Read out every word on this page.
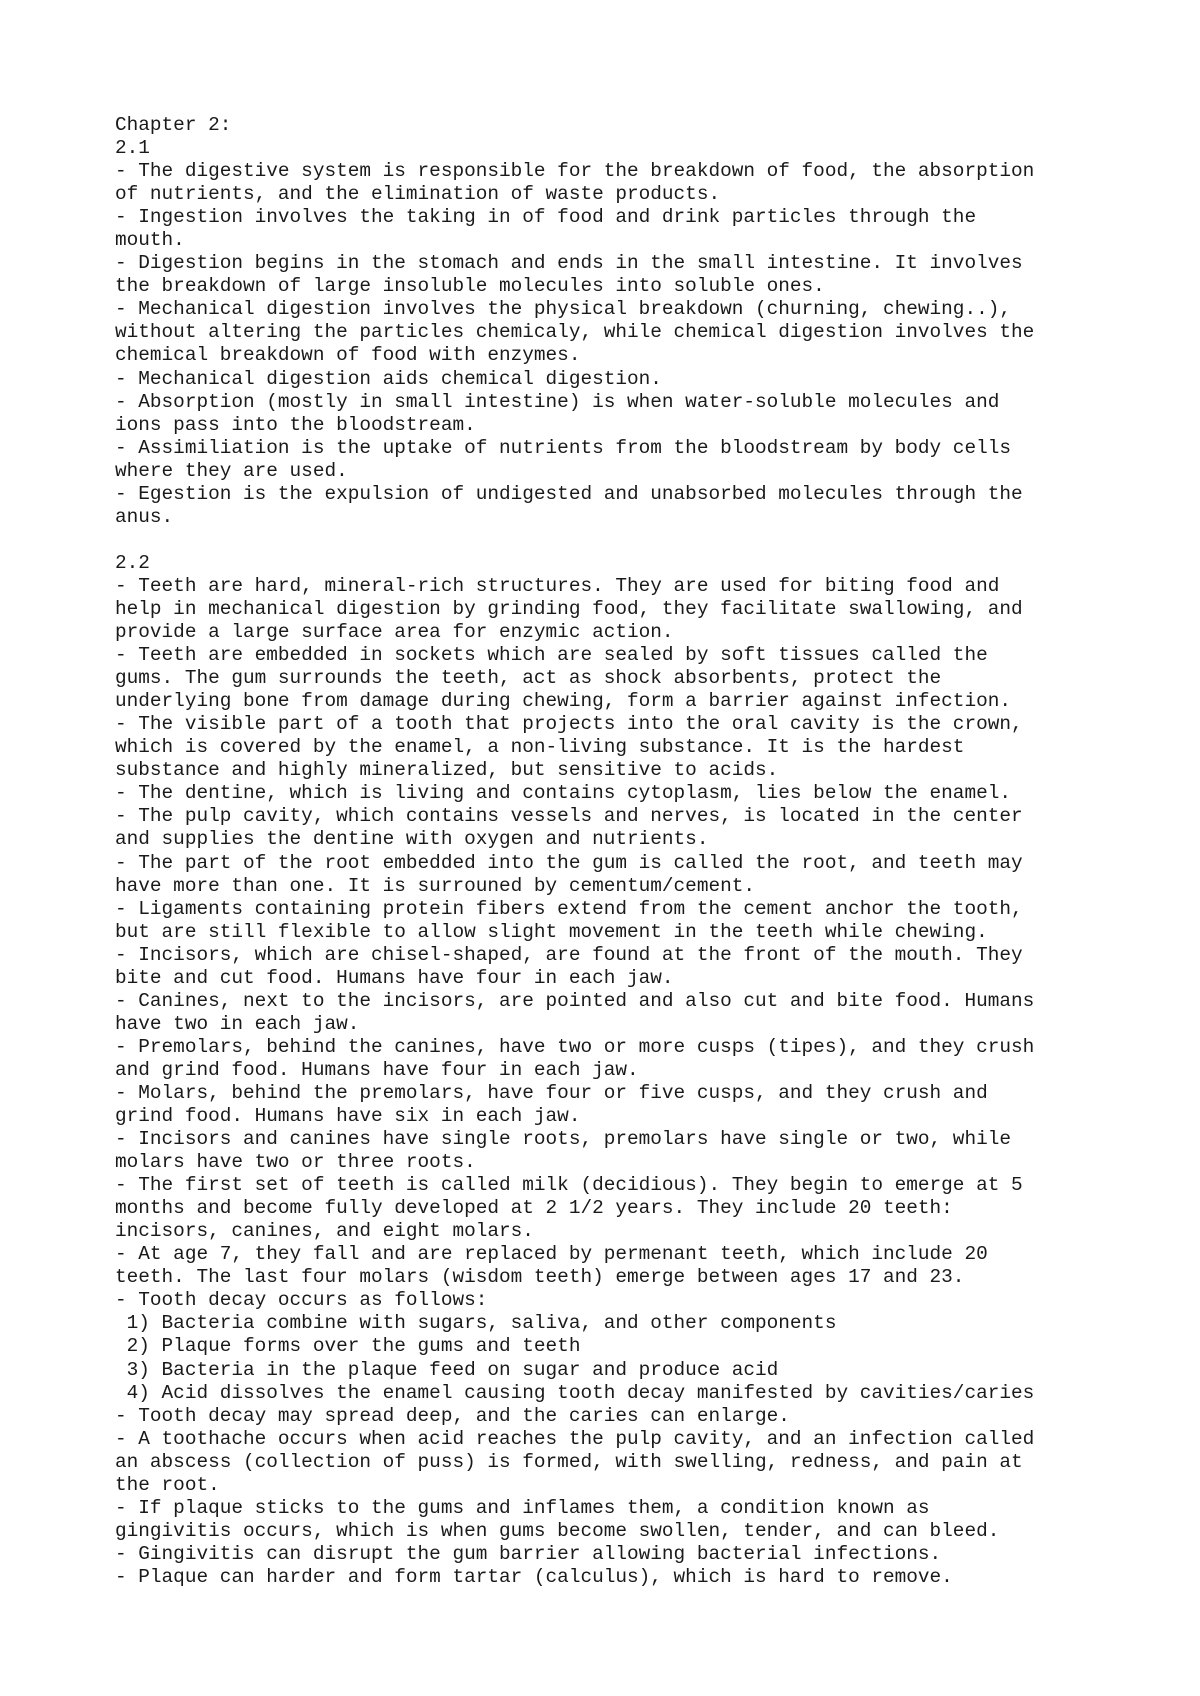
Chapter 2:
2.1
- The digestive system is responsible for the breakdown of food, the absorption
of nutrients, and the elimination of waste products.
- Ingestion involves the taking in of food and drink particles through the
mouth.
- Digestion begins in the stomach and ends in the small intestine. It involves
the breakdown of large insoluble molecules into soluble ones.
- Mechanical digestion involves the physical breakdown (churning, chewing..),
without altering the particles chemicaly, while chemical digestion involves the
chemical breakdown of food with enzymes.
- Mechanical digestion aids chemical digestion.
- Absorption (mostly in small intestine) is when water-soluble molecules and
ions pass into the bloodstream.
- Assimiliation is the uptake of nutrients from the bloodstream by body cells
where they are used.
- Egestion is the expulsion of undigested and unabsorbed molecules through the
anus.
2.2
- Teeth are hard, mineral-rich structures. They are used for biting food and
help in mechanical digestion by grinding food, they facilitate swallowing, and
provide a large surface area for enzymic action.
- Teeth are embedded in sockets which are sealed by soft tissues called the
gums. The gum surrounds the teeth, act as shock absorbents, protect the
underlying bone from damage during chewing, form a barrier against infection.
- The visible part of a tooth that projects into the oral cavity is the crown,
which is covered by the enamel, a non-living substance. It is the hardest
substance and highly mineralized, but sensitive to acids.
- The dentine, which is living and contains cytoplasm, lies below the enamel.
- The pulp cavity, which contains vessels and nerves, is located in the center
and supplies the dentine with oxygen and nutrients.
- The part of the root embedded into the gum is called the root, and teeth may
have more than one. It is surrouned by cementum/cement.
- Ligaments containing protein fibers extend from the cement anchor the tooth,
but are still flexible to allow slight movement in the teeth while chewing.
- Incisors, which are chisel-shaped, are found at the front of the mouth. They
bite and cut food. Humans have four in each jaw.
- Canines, next to the incisors, are pointed and also cut and bite food. Humans
have two in each jaw.
- Premolars, behind the canines, have two or more cusps (tipes), and they crush
and grind food. Humans have four in each jaw.
- Molars, behind the premolars, have four or five cusps, and they crush and
grind food. Humans have six in each jaw.
- Incisors and canines have single roots, premolars have single or two, while
molars have two or three roots.
- The first set of teeth is called milk (decidious). They begin to emerge at 5
months and become fully developed at 2 1/2 years. They include 20 teeth:
incisors, canines, and eight molars.
- At age 7, they fall and are replaced by permenant teeth, which include 20
teeth. The last four molars (wisdom teeth) emerge between ages 17 and 23.
- Tooth decay occurs as follows:
1) Bacteria combine with sugars, saliva, and other components
2) Plaque forms over the gums and teeth
3) Bacteria in the plaque feed on sugar and produce acid
4) Acid dissolves the enamel causing tooth decay manifested by cavities/caries
- Tooth decay may spread deep, and the caries can enlarge.
- A toothache occurs when acid reaches the pulp cavity, and an infection called
an abscess (collection of puss) is formed, with swelling, redness, and pain at
the root.
- If plaque sticks to the gums and inflames them, a condition known as
gingivitis occurs, which is when gums become swollen, tender, and can bleed.
- Gingivitis can disrupt the gum barrier allowing bacterial infections.
- Plaque can harder and form tartar (calculus), which is hard to remove.
